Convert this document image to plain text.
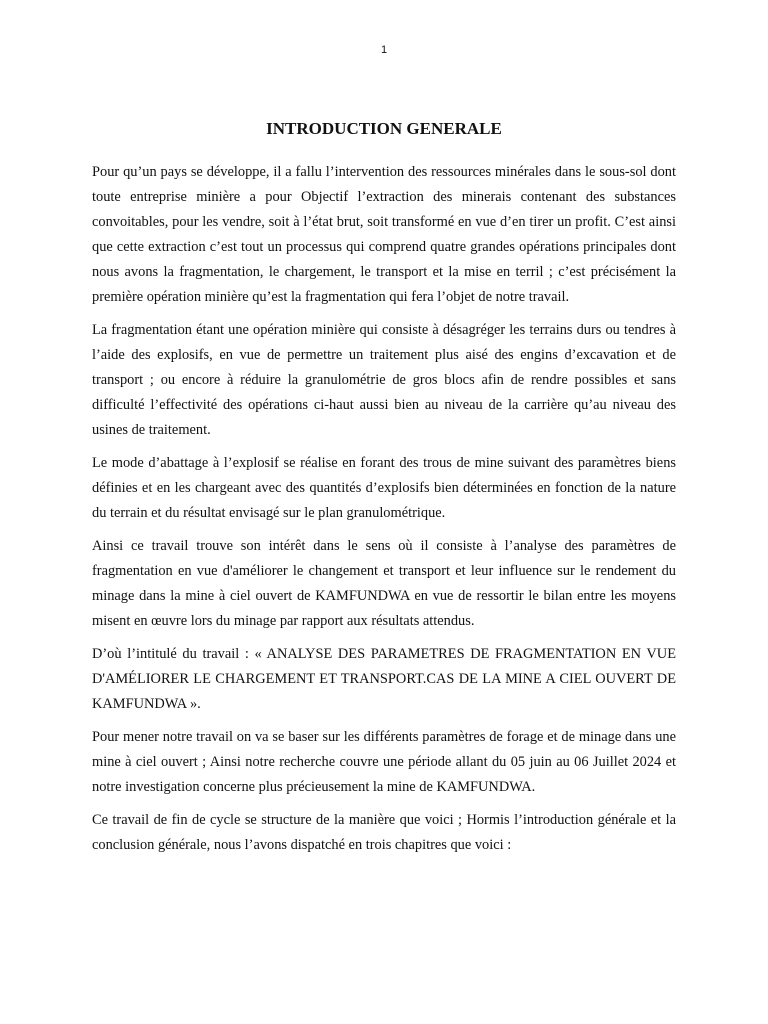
1
INTRODUCTION GENERALE

Pour qu’un pays se développe, il a fallu l’intervention des ressources minérales dans le sous-sol dont toute entreprise minière a pour Objectif l’extraction des minerais contenant des substances convoitables, pour les vendre, soit à l’état brut, soit transformé en vue d’en tirer un profit. C’est ainsi que cette extraction c’est tout un processus qui comprend quatre grandes opérations principales dont nous avons la fragmentation, le chargement, le transport et la mise en terril ; c’est précisément la première opération minière qu’est la fragmentation qui fera l’objet de notre travail.

La fragmentation étant une opération minière qui consiste à désagréger les terrains durs ou tendres à l’aide des explosifs, en vue de permettre un traitement plus aisé des engins d’excavation et de transport ; ou encore à réduire la granulométrie de gros blocs afin de rendre possibles et sans difficulté l’effectivité des opérations ci-haut aussi bien au niveau de la carrière qu’au niveau des usines de traitement.

Le mode d’abattage à l’explosif se réalise en forant des trous de mine suivant des paramètres biens définies et en les chargeant avec des quantités d’explosifs bien déterminées en fonction de la nature du terrain et du résultat envisagé sur le plan granulométrique.

Ainsi ce travail trouve son intérêt dans le sens où il consiste à l’analyse des paramètres de fragmentation en vue d'améliorer le changement et transport et leur influence sur le rendement du minage dans la mine à ciel ouvert de KAMFUNDWA en vue de ressortir le bilan entre les moyens misent en œuvre lors du minage par rapport aux résultats attendus.

D’où l’intitulé du travail : « ANALYSE DES PARAMETRES DE FRAGMENTATION EN VUE D'AMÉLIORER LE CHARGEMENT ET TRANSPORT.CAS DE LA MINE A CIEL OUVERT DE KAMFUNDWA ».

Pour mener notre travail on va se baser sur les différents paramètres de forage et de minage dans une mine à ciel ouvert ; Ainsi notre recherche couvre une période allant du 05 juin au 06 Juillet 2024 et notre investigation concerne plus précieusement la mine de KAMFUNDWA.

Ce travail de fin de cycle se structure de la manière que voici ; Hormis l’introduction générale et la conclusion générale, nous l’avons dispatché en trois chapitres que voici :
